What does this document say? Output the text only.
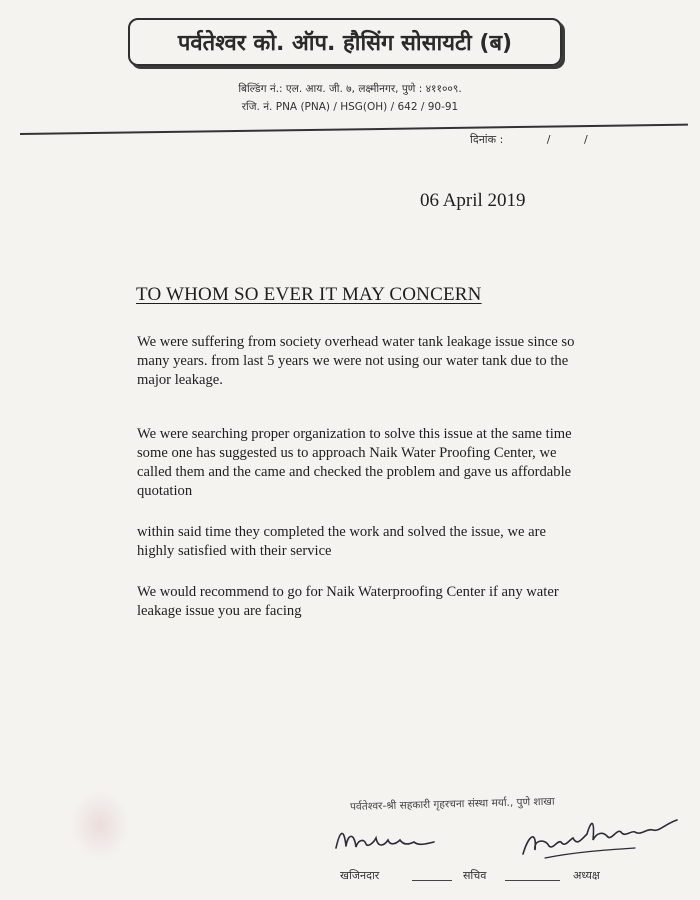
पर्वतेश्वर को. ऑप. हौसिंग सोसायटी (ब)
बिल्डिंग नं.: एल. आय. जी. ७, लक्ष्मीनगर, पुणे : ४११००९.
रजि. नं. PNA (PNA) / HSG(OH) / 642 / 90-91
दिनांक :	/ /
06 April 2019
TO WHOM SO EVER IT MAY CONCERN

We were suffering from society overhead water tank leakage issue since so many years. from last 5 years we were not using our water tank due to the major leakage.

We were searching proper organization to solve this issue at the same time some one has suggested us to approach Naik Water Proofing Center, we called them and the came and checked the problem and gave us affordable quotation

within said time they completed the work and solved the issue, we are highly satisfied with their service

We would recommend to go for Naik Waterproofing Center if any water leakage issue you are facing

पर्वतेश्वर-श्री सहकारी गृहरचना संस्था मर्या., पुणे शाखा
खजिनदार	सचिव	अध्यक्ष
